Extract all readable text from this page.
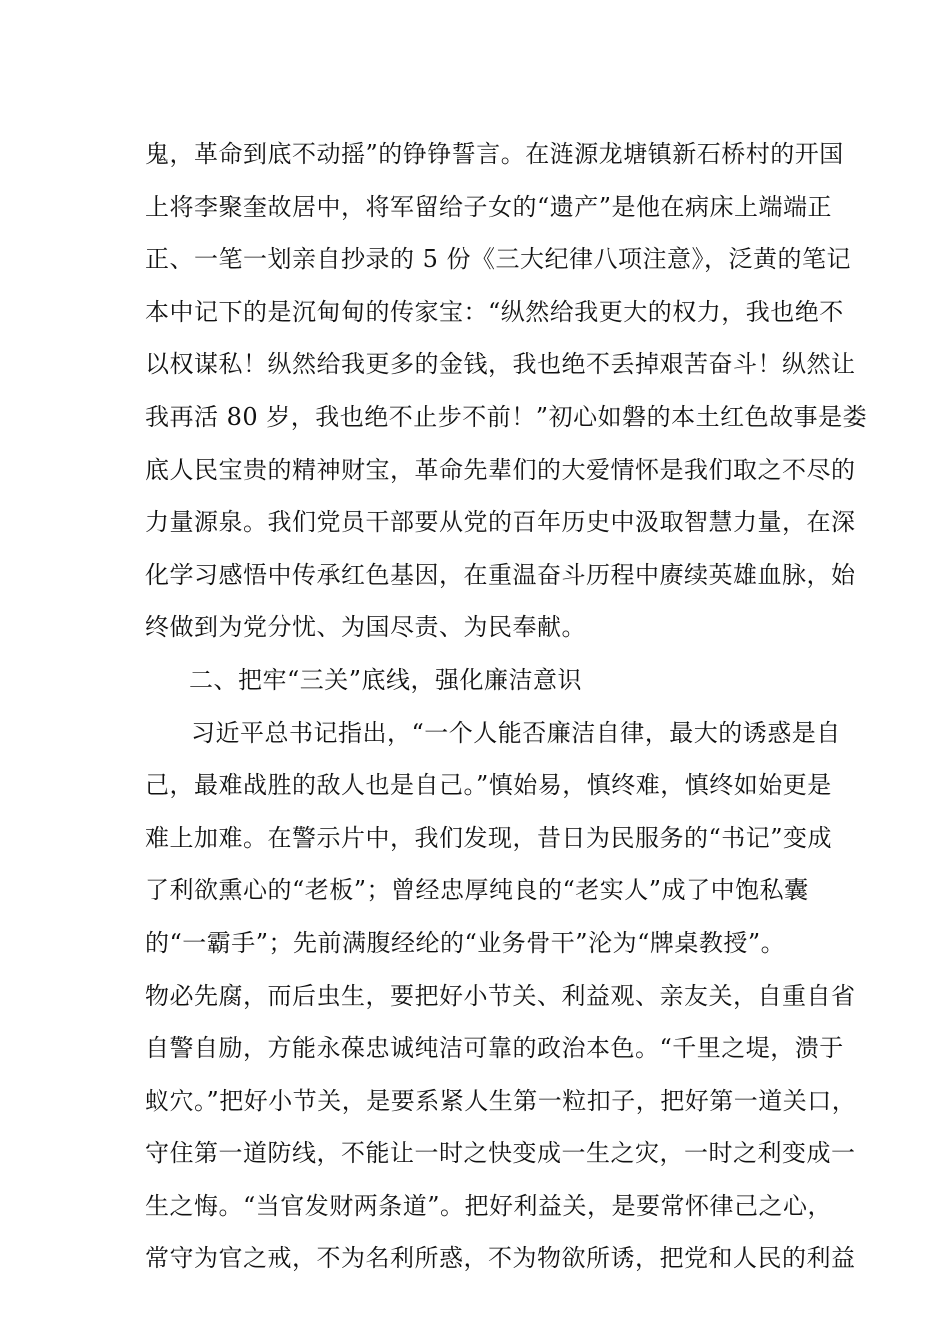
鬼，革命到底不动摇”的铮铮誓言。在涟源龙塘镇新石桥村的开国
上将李聚奎故居中，将军留给子女的“遗产”是他在病床上端端正
正、一笔一划亲自抄录的 5 份《三大纪律八项注意》，泛黄的笔记
本中记下的是沉甸甸的传家宝：“纵然给我更大的权力，我也绝不
以权谋私！纵然给我更多的金钱，我也绝不丢掉艰苦奋斗！纵然让
我再活 80 岁，我也绝不止步不前！”初心如磐的本土红色故事是娄
底人民宝贵的精神财宝，革命先辈们的大爱情怀是我们取之不尽的
力量源泉。我们党员干部要从党的百年历史中汲取智慧力量，在深
化学习感悟中传承红色基因，在重温奋斗历程中赓续英雄血脉，始
终做到为党分忧、为国尽责、为民奉献。
二、把牢“三关”底线，强化廉洁意识
习近平总书记指出，“一个人能否廉洁自律，最大的诱惑是自
己，最难战胜的敌人也是自己。”慎始易，慎终难，慎终如始更是
难上加难。在警示片中，我们发现，昔日为民服务的“书记”变成
了利欲熏心的“老板”；曾经忠厚纯良的“老实人”成了中饱私囊
的“一霸手”；先前满腹经纶的“业务骨干”沦为“牌桌教授”。
物必先腐，而后虫生，要把好小节关、利益观、亲友关，自重自省
自警自励，方能永葆忠诚纯洁可靠的政治本色。“千里之堤，溃于
蚁穴。”把好小节关，是要系紧人生第一粒扣子，把好第一道关口，
守住第一道防线，不能让一时之快变成一生之灾，一时之利变成一
生之悔。“当官发财两条道”。把好利益关，是要常怀律己之心，
常守为官之戒，不为名利所惑，不为物欲所诱，把党和人民的利益
